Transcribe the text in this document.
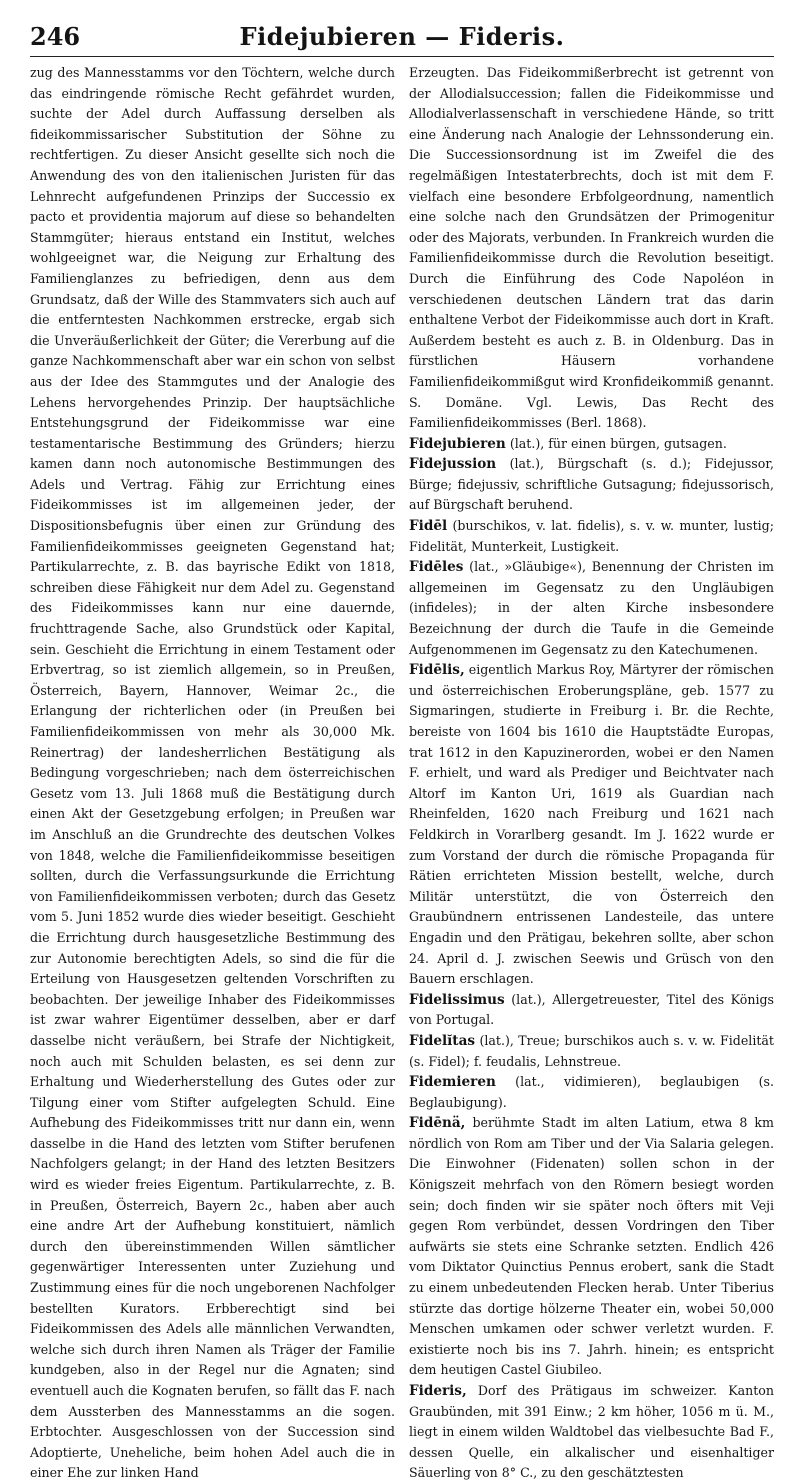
246	Fidejubieren — Fideris.

zug des Mannesstamms vor den Töchtern, welche durch das eindringende römische Recht gefährdet wurden, suchte der Adel durch Auffassung derselben als fideikommissarischer Substitution der Söhne zu rechtfertigen. Zu dieser Ansicht gesellte sich noch die Anwendung des von den italienischen Juristen für das Lehnrecht aufgefundenen Prinzips der Successio ex pacto et providentia majorum auf diese so behandelten Stammgüter; hieraus entstand ein Institut, welches wohlgeeignet war, die Neigung zur Erhaltung des Familienglanzes zu befriedigen, denn aus dem Grundsatz, daß der Wille des Stammvaters sich auch auf die entferntesten Nachkommen erstrecke, ergab sich die Unveräußerlichkeit der Güter; die Vererbung auf die ganze Nachkommenschaft aber war ein schon von selbst aus der Idee des Stammgutes und der Analogie des Lehens hervorgehendes Prinzip. Der hauptsächliche Entstehungsgrund der Fideikommisse war eine testamentarische Bestimmung des Gründers; hierzu kamen dann noch autonomische Bestimmungen des Adels und Vertrag. Fähig zur Errichtung eines Fideikommisses ist im allgemeinen jeder, der Dispositionsbefugnis über einen zur Gründung des Familienfideikommisses geeigneten Gegenstand hat; Partikularrechte, z. B. das bayrische Edikt von 1818, schreiben diese Fähigkeit nur dem Adel zu. Gegenstand des Fideikommisses kann nur eine dauernde, fruchttragende Sache, also Grundstück oder Kapital, sein. Geschieht die Errichtung in einem Testament oder Erbvertrag, so ist ziemlich allgemein, so in Preußen, Österreich, Bayern, Hannover, Weimar 2c., die Erlangung der richterlichen oder (in Preußen bei Familienfideikommissen von mehr als 30,000 Mk. Reinertrag) der landesherrlichen Bestätigung als Bedingung vorgeschrieben; nach dem österreichischen Gesetz vom 13. Juli 1868 muß die Bestätigung durch einen Akt der Gesetzgebung erfolgen; in Preußen war im Anschluß an die Grundrechte des deutschen Volkes von 1848, welche die Familienfideikommisse beseitigen sollten, durch die Verfassungsurkunde die Errichtung von Familienfideikommissen verboten; durch das Gesetz vom 5. Juni 1852 wurde dies wieder beseitigt. Geschieht die Errichtung durch hausgesetzliche Bestimmung des zur Autonomie berechtigten Adels, so sind die für die Erteilung von Hausgesetzen geltenden Vorschriften zu beobachten. Der jeweilige Inhaber des Fideikommisses ist zwar wahrer Eigentümer desselben, aber er darf dasselbe nicht veräußern, bei Strafe der Nichtigkeit, noch auch mit Schulden belasten, es sei denn zur Erhaltung und Wiederherstellung des Gutes oder zur Tilgung einer vom Stifter aufgelegten Schuld. Eine Aufhebung des Fideikommisses tritt nur dann ein, wenn dasselbe in die Hand des letzten vom Stifter berufenen Nachfolgers gelangt; in der Hand des letzten Besitzers wird es wieder freies Eigentum. Partikularrechte, z. B. in Preußen, Österreich, Bayern 2c., haben aber auch eine andre Art der Aufhebung konstituiert, nämlich durch den übereinstimmenden Willen sämtlicher gegenwärtiger Interessenten unter Zuziehung und Zustimmung eines für die noch ungeborenen Nachfolger bestellten Kurators. Erbberechtigt sind bei Fideikommissen des Adels alle männlichen Verwandten, welche sich durch ihren Namen als Träger der Familie kundgeben, also in der Regel nur die Agnaten; sind eventuell auch die Kognaten berufen, so fällt das F. nach dem Aussterben des Mannesstamms an die sogen. Erbtochter. Ausgeschlossen von der Succession sind Adoptierte, Uneheliche, beim hohen Adel auch die in einer Ehe zur linken Hand

Erzeugten. Das Fideikommißerbrecht ist getrennt von der Allodialsuccession; fallen die Fideikommisse und Allodialverlassenschaft in verschiedene Hände, so tritt eine Änderung nach Analogie der Lehnssonderung ein. Die Successionsordnung ist im Zweifel die des regelmäßigen Intestaterbrechts, doch ist mit dem F. vielfach eine besondere Erbfolgeordnung, namentlich eine solche nach den Grundsätzen der Primogenitur oder des Majorats, verbunden. In Frankreich wurden die Familienfideikommisse durch die Revolution beseitigt. Durch die Einführung des Code Napoléon in verschiedenen deutschen Ländern trat das darin enthaltene Verbot der Fideikommisse auch dort in Kraft. Außerdem besteht es auch z. B. in Oldenburg. Das in fürstlichen Häusern vorhandene Familienfideikommißgut wird Kronfideikommiß genannt. S. Domäne. Vgl. Lewis, Das Recht des Familienfideikommisses (Berl. 1868).

Fidejubieren (lat.), für einen bürgen, gutsagen.

Fidejussion (lat.), Bürgschaft (s. d.); Fidejussor, Bürge; fidejussiv, schriftliche Gutsagung; fidejussorisch, auf Bürgschaft beruhend.

Fidēl (burschikos, v. lat. fidelis), s. v. w. munter, lustig; Fidelität, Munterkeit, Lustigkeit.

Fidēles (lat., »Gläubige«), Benennung der Christen im allgemeinen im Gegensatz zu den Ungläubigen (infideles); in der alten Kirche insbesondere Bezeichnung der durch die Taufe in die Gemeinde Aufgenommenen im Gegensatz zu den Katechumenen.

Fidēlis, eigentlich Markus Roy, Märtyrer der römischen und österreichischen Eroberungspläne, geb. 1577 zu Sigmaringen, studierte in Freiburg i. Br. die Rechte, bereiste von 1604 bis 1610 die Hauptstädte Europas, trat 1612 in den Kapuzinerorden, wobei er den Namen F. erhielt, und ward als Prediger und Beichtvater nach Altorf im Kanton Uri, 1619 als Guardian nach Rheinfelden, 1620 nach Freiburg und 1621 nach Feldkirch in Vorarlberg gesandt. Im J. 1622 wurde er zum Vorstand der durch die römische Propaganda für Rätien errichteten Mission bestellt, welche, durch Militär unterstützt, die von Österreich den Graubündnern entrissenen Landesteile, das untere Engadin und den Prätigau, bekehren sollte, aber schon 24. April d. J. zwischen Seewis und Grüsch von den Bauern erschlagen.

Fidelissimus (lat.), Allergetreuester, Titel des Königs von Portugal.

Fidelĭtas (lat.), Treue; burschikos auch s. v. w. Fidelität (s. Fidel); f. feudalis, Lehnstreue.

Fidemieren (lat., vidimieren), beglaubigen (s. Beglaubigung).

Fidēnä, berühmte Stadt im alten Latium, etwa 8 km nördlich von Rom am Tiber und der Via Salaria gelegen. Die Einwohner (Fidenaten) sollen schon in der Königszeit mehrfach von den Römern besiegt worden sein; doch finden wir sie später noch öfters mit Veji gegen Rom verbündet, dessen Vordringen den Tiber aufwärts sie stets eine Schranke setzten. Endlich 426 vom Diktator Quinctius Pennus erobert, sank die Stadt zu einem unbedeutenden Flecken herab. Unter Tiberius stürzte das dortige hölzerne Theater ein, wobei 50,000 Menschen umkamen oder schwer verletzt wurden. F. existierte noch bis ins 7. Jahrh. hinein; es entspricht dem heutigen Castel Giubileo.

Fideris, Dorf des Prätigaus im schweizer. Kanton Graubünden, mit 391 Einw.; 2 km höher, 1056 m ü. M., liegt in einem wilden Waldtobel das vielbesuchte Bad F., dessen Quelle, ein alkalischer und eisenhaltiger Säuerling von 8° C., zu den geschätztesten
